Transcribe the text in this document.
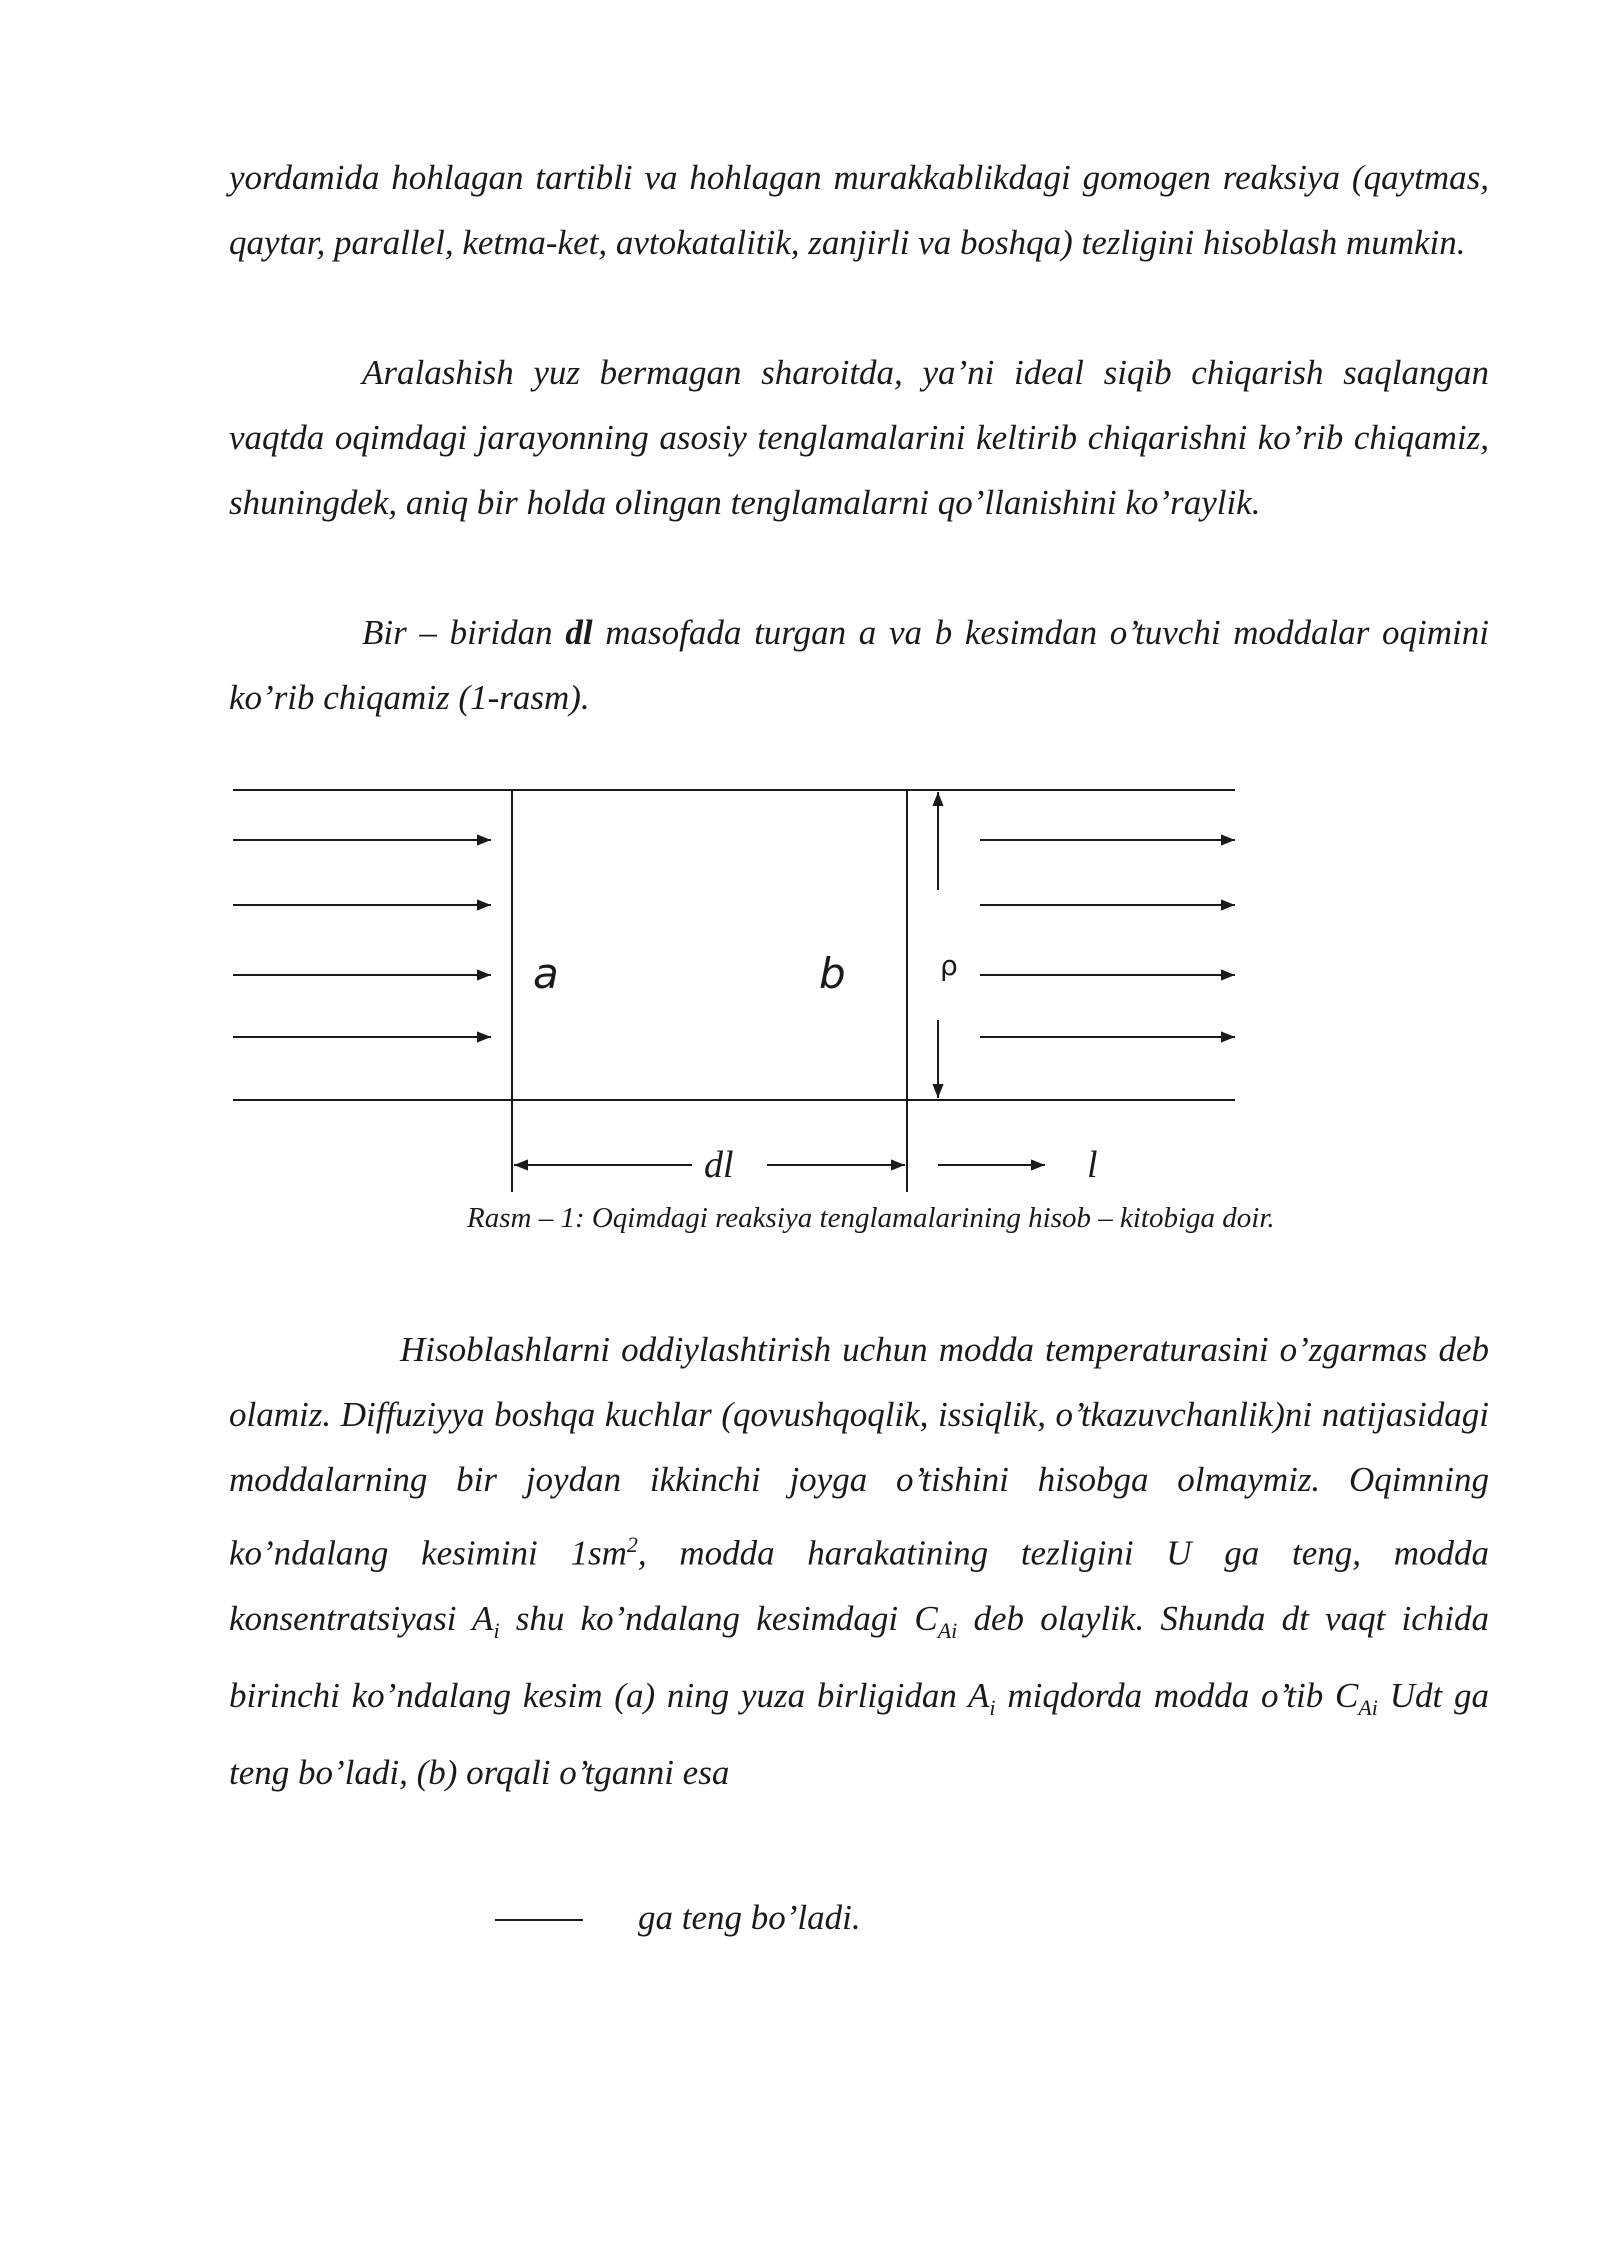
yordamida hohlagan tartibli va hohlagan murakkablikdagi gomogen reaksiya (qaytmas, qaytar, parallel, ketma-ket, avtokatalitik, zanjirli va boshqa) tezligini hisoblash mumkin.

Aralashish yuz bermagan sharoitda, ya’ni ideal siqib chiqarish saqlangan vaqtda oqimdagi jarayonning asosiy tenglamalarini keltirib chiqarishni ko’rib chiqamiz, shuningdek, aniq bir holda olingan tenglamalarni qo’llanishini ko’raylik.

Bir – biridan dl masofada turgan a va b kesimdan o’tuvchi moddalar oqimini ko’rib chiqamiz (1-rasm).

a	b	ρ
dl	l
Rasm – 1: Oqimdagi reaksiya tenglamalarining hisob – kitobiga doir.

Hisoblashlarni oddiylashtirish uchun modda temperaturasini o’zgarmas deb olamiz. Diffuziyya boshqa kuchlar (qovushqoqlik, issiqlik, o’tkazuvchanlik)ni natijasidagi moddalarning bir joydan ikkinchi joyga o’tishini hisobga olmaymiz. Oqimning ko’ndalang kesimini $1sm^2$, modda harakatining tezligini U ga teng, modda konsentratsiyasi $A_i$ shu ko’ndalang kesimdagi $C_{Ai}$ deb olaylik. Shunda dt vaqt ichida birinchi ko’ndalang kesim (a) ning yuza birligidan $A_i$ miqdorda modda o’tib $C_{Ai}$ Udt ga teng bo’ladi, (b) orqali o’tganni esa

ga teng bo’ladi.
